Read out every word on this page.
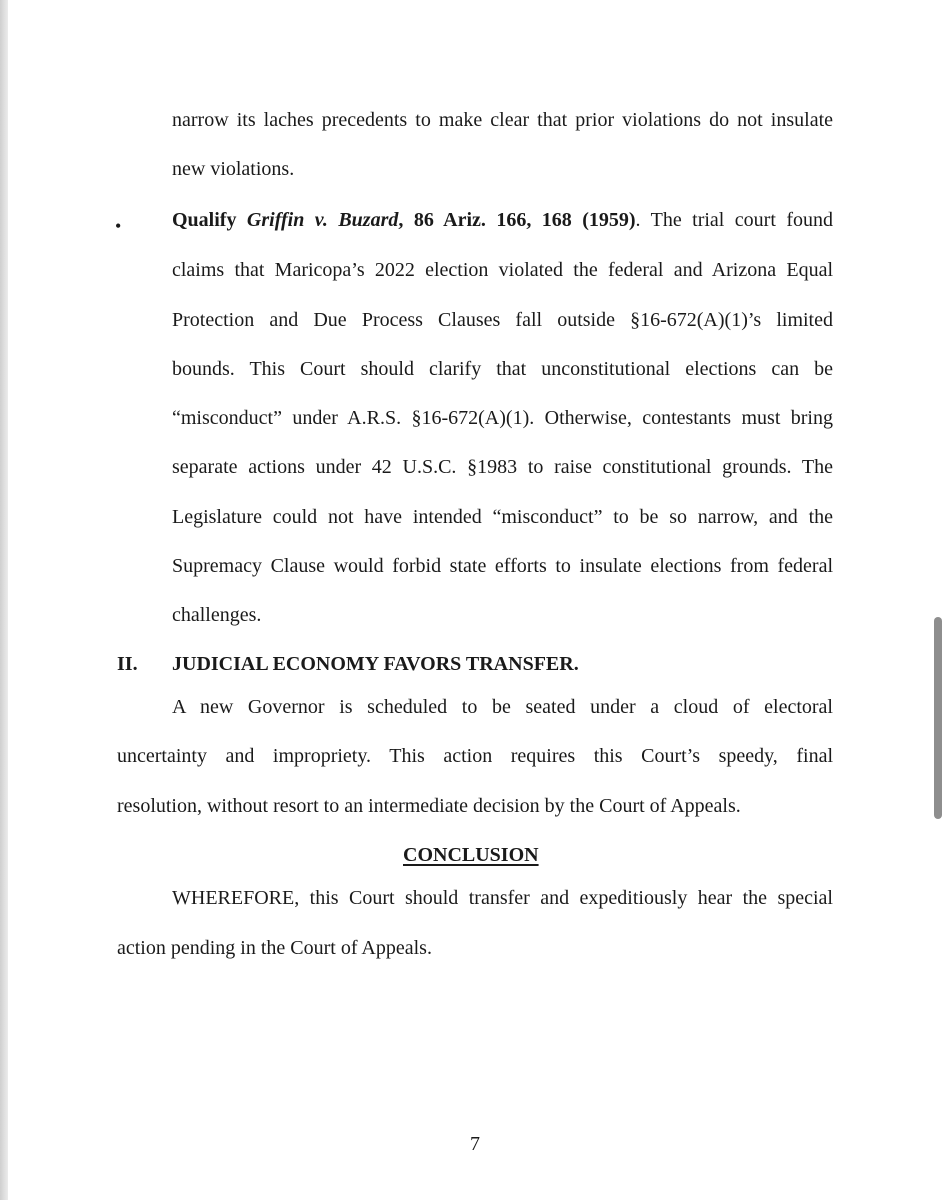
narrow its laches precedents to make clear that prior violations do not insulate

new violations.

•	Qualify Griffin v. Buzard, 86 Ariz. 166, 168 (1959). The trial court found

claims that Maricopa’s 2022 election violated the federal and Arizona Equal

Protection and Due Process Clauses fall outside §16-672(A)(1)’s limited

bounds. This Court should clarify that unconstitutional elections can be

“misconduct” under A.R.S. §16-672(A)(1). Otherwise, contestants must bring

separate actions under 42 U.S.C. §1983 to raise constitutional grounds. The

Legislature could not have intended “misconduct” to be so narrow, and the

Supremacy Clause would forbid state efforts to insulate elections from federal

challenges.

II. JUDICIAL ECONOMY FAVORS TRANSFER.

A new Governor is scheduled to be seated under a cloud of electoral

uncertainty and impropriety. This action requires this Court’s speedy, final

resolution, without resort to an intermediate decision by the Court of Appeals.

CONCLUSION

WHEREFORE, this Court should transfer and expeditiously hear the special

action pending in the Court of Appeals.

7
